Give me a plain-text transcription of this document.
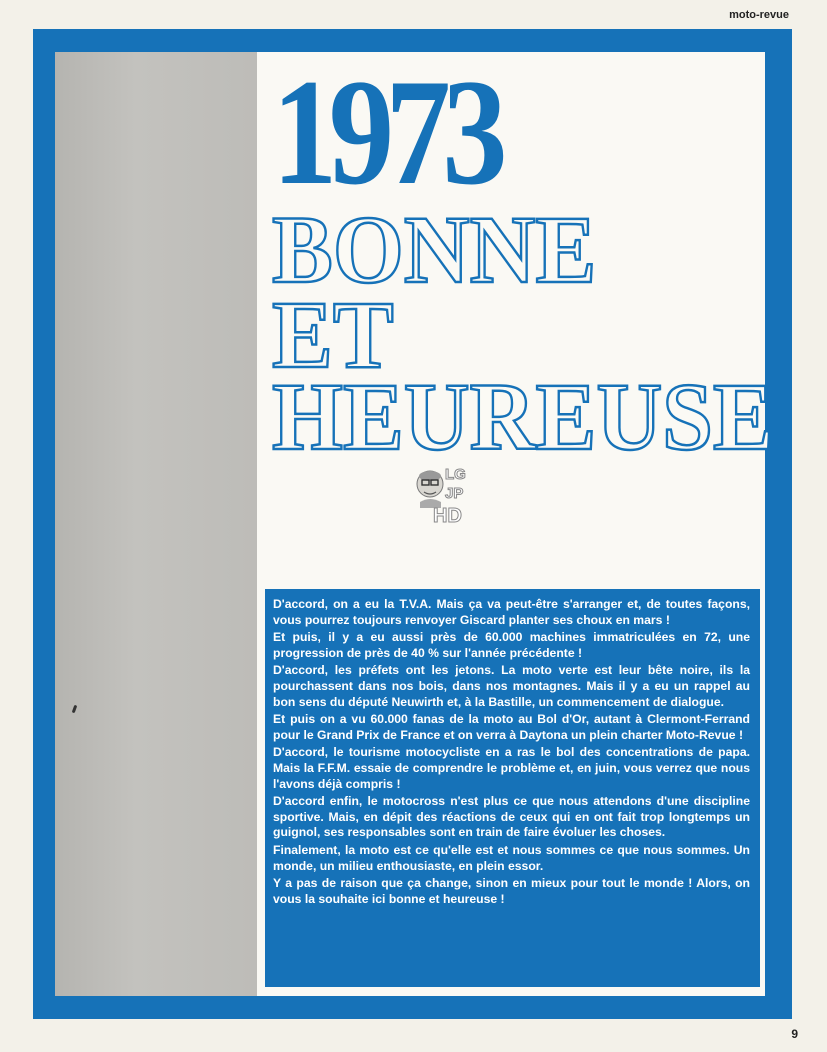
moto-revue
1973
BONNE
ET
HEUREUSE
LG
JP
HD

D'accord, on a eu la T.V.A. Mais ça va peut-être s'arranger et, de toutes façons, vous pourrez toujours renvoyer Giscard planter ses choux en mars !

Et puis, il y a eu aussi près de 60.000 machines immatriculées en 72, une progression de près de 40 % sur l'année précédente !

D'accord, les préfets ont les jetons. La moto verte est leur bête noire, ils la pourchassent dans nos bois, dans nos montagnes. Mais il y a eu un rappel au bon sens du député Neuwirth et, à la Bastille, un commencement de dialogue.

Et puis on a vu 60.000 fanas de la moto au Bol d'Or, autant à Clermont-Ferrand pour le Grand Prix de France et on verra à Daytona un plein charter Moto-Revue !

D'accord, le tourisme motocycliste en a ras le bol des concentrations de papa. Mais la F.F.M. essaie de comprendre le problème et, en juin, vous verrez que nous l'avons déjà compris !

D'accord enfin, le motocross n'est plus ce que nous attendons d'une discipline sportive. Mais, en dépit des réactions de ceux qui en ont fait trop longtemps un guignol, ses responsables sont en train de faire évoluer les choses.

Finalement, la moto est ce qu'elle est et nous sommes ce que nous sommes. Un monde, un milieu enthousiaste, en plein essor.

Y a pas de raison que ça change, sinon en mieux pour tout le monde ! Alors, on vous la souhaite ici bonne et heureuse !

9
